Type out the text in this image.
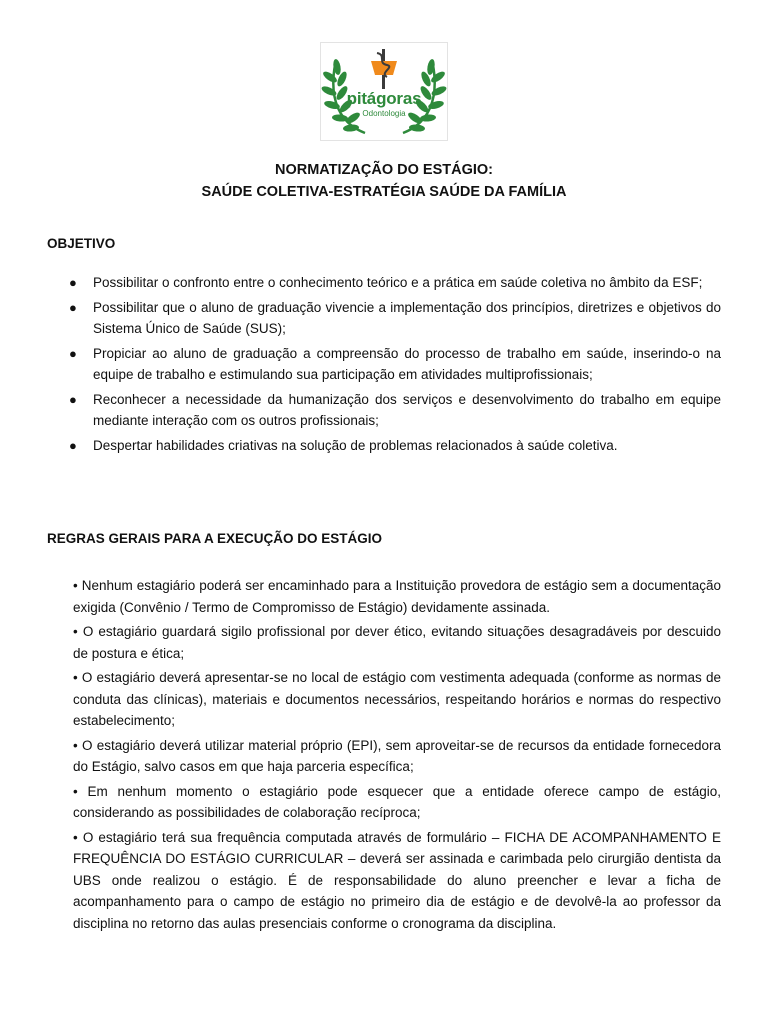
pitágoras
Odontologia
NORMATIZAÇÃO DO ESTÁGIO:
SAÚDE COLETIVA-ESTRATÉGIA SAÚDE DA FAMÍLIA
OBJETIVO
● Possibilitar o confronto entre o conhecimento teórico e a prática em saúde coletiva no âmbito da ESF;
● Possibilitar que o aluno de graduação vivencie a implementação dos princípios, diretrizes e objetivos do Sistema Único de Saúde (SUS);
● Propiciar ao aluno de graduação a compreensão do processo de trabalho em saúde, inserindo-o na equipe de trabalho e estimulando sua participação em atividades multiprofissionais;
● Reconhecer a necessidade da humanização dos serviços e desenvolvimento do trabalho em equipe mediante interação com os outros profissionais;
● Despertar habilidades criativas na solução de problemas relacionados à saúde coletiva.
REGRAS GERAIS PARA A EXECUÇÃO DO ESTÁGIO

• Nenhum estagiário poderá ser encaminhado para a Instituição provedora de estágio sem a documentação exigida (Convênio / Termo de Compromisso de Estágio) devidamente assinada.

• O estagiário guardará sigilo profissional por dever ético, evitando situações desagradáveis por descuido de postura e ética;

• O estagiário deverá apresentar-se no local de estágio com vestimenta adequada (conforme as normas de conduta das clínicas), materiais e documentos necessários, respeitando horários e normas do respectivo estabelecimento;

• O estagiário deverá utilizar material próprio (EPI), sem aproveitar-se de recursos da entidade fornecedora do Estágio, salvo casos em que haja parceria específica;

• Em nenhum momento o estagiário pode esquecer que a entidade oferece campo de estágio, considerando as possibilidades de colaboração recíproca;

• O estagiário terá sua frequência computada através de formulário – FICHA DE ACOMPANHAMENTO E FREQUÊNCIA DO ESTÁGIO CURRICULAR – deverá ser assinada e carimbada pelo cirurgião dentista da UBS onde realizou o estágio. É de responsabilidade do aluno preencher e levar a ficha de acompanhamento para o campo de estágio no primeiro dia de estágio e de devolvê-la ao professor da disciplina no retorno das aulas presenciais conforme o cronograma da disciplina.
